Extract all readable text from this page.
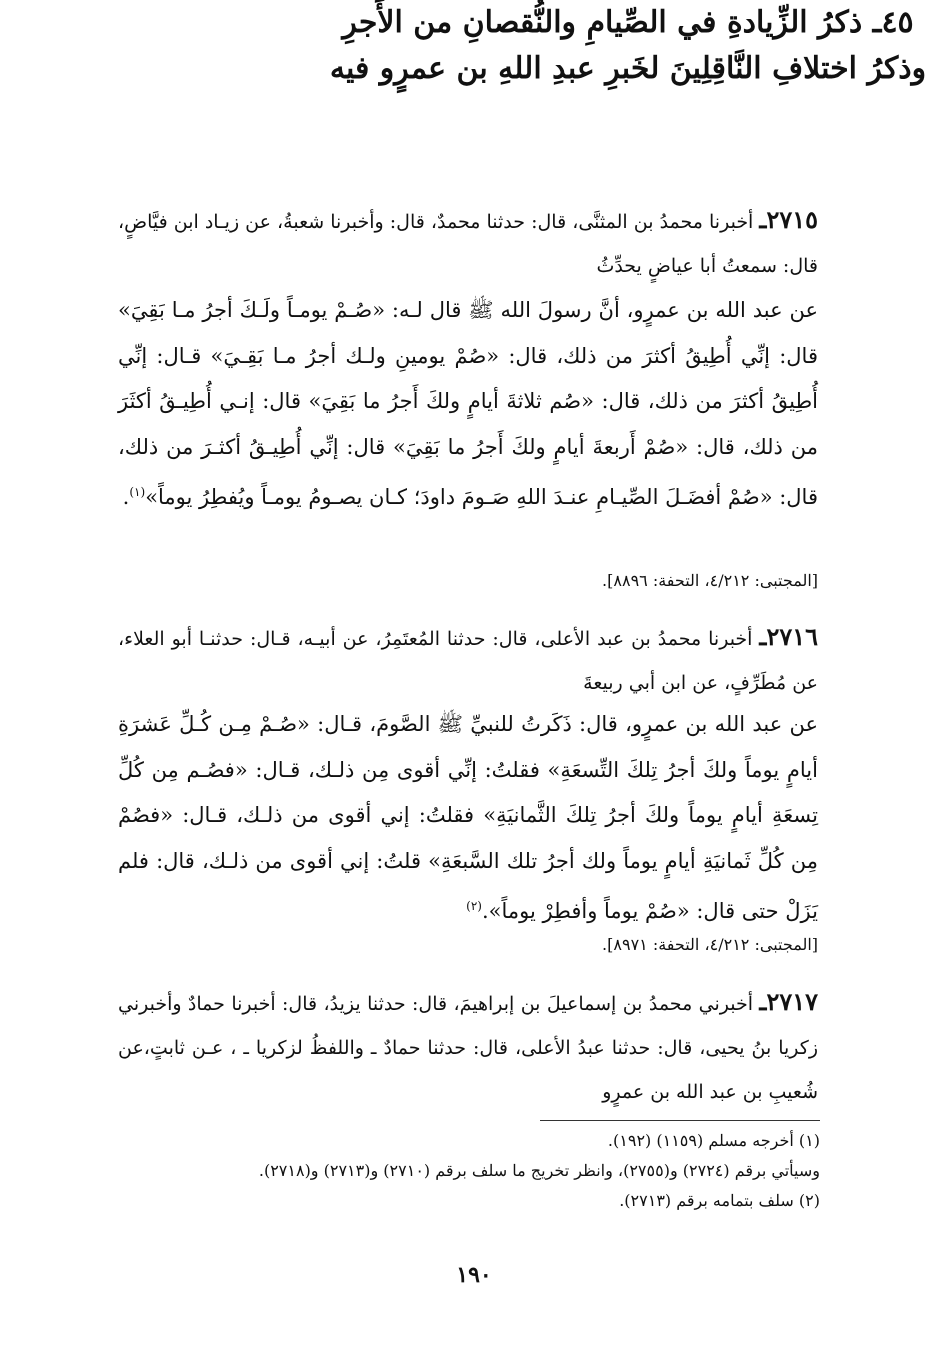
٤٥ـ ذكرُ الزِّيادةِ في الصِّيامِ والنُّقصانِ من الأَجرِ
وذكرُ اختلافِ النَّاقِلِينَ لخَبرِ عبدِ اللهِ بن عمرٍو فيه
٢٧١٥ـ أخبرنا محمدُ بن المثنَّى، قال: حدثنا محمدٌ، قال: وأخبرنا شعبةُ، عن زيـاد ابن فيَّاضٍ، قال: سمعتُ أبا عياضٍ يحدِّثُ
عن عبد الله بن عمرٍو، أنَّ رسولَ الله ﷺ قال لـه: «صُـمْ يومـاً ولَـكَ أجرُ مـا بَقِيَ» قال: إنِّي أُطِيقُ أكثرَ من ذلك، قال: «صُمْ يومينِ ولـك أجرُ مـا بَقِـيَ» قـال: إنِّي أُطِيقُ أكثرَ من ذلك، قال: «صُم ثلاثةَ أيامٍ ولكَ أَجرُ ما بَقِيَ» قال: إنـي أُطِيـقُ أكثَرَ من ذلك، قال: «صُمْ أَربعةَ أيامٍ ولكَ أَجرُ ما بَقِيَ» قال: إنِّي أُطِيـقُ أكثـرَ من ذلك، قال: «صُمْ أفضَـلَ الصِّيـامِ عنـدَ اللهِ صَـومَ داودَ؛ كـان يصـومُ يومـاً ويُفطِرُ يوماً»$^{(١)}$.
[المجتبى: ٤/٢١٢، التحفة: ٨٨٩٦].
٢٧١٦ـ أخبرنا محمدُ بن عبد الأعلى، قال: حدثنا المُعتَمِرُ، عن أبيـه، قـال: حدثنـا أبو العلاء، عن مُطَرِّفٍ، عن ابن أبي ربيعةَ
عن عبد الله بن عمرٍو، قال: ذَكَرتُ للنبيِّ ﷺ الصَّومَ، قـال: «صُـمْ مِـن كُـلِّ عَشرَةِ أيامٍ يوماً ولكَ أجرُ تِلكَ التِّسعَةِ» فقلتُ: إنِّي أقوى مِن ذلـك، قـال: «فصُـم مِن كُلِّ تِسعَةِ أيامٍ يوماً ولكَ أجرُ تِلكَ الثَّمانيَةِ» فقلتُ: إني أقوى من ذلـك، قـال: «فصُمْ مِن كُلِّ ثَمانيَةِ أيامٍ يوماً ولك أجرُ تلك السَّبعَةِ» قلتُ: إني أقوى من ذلـك، قال: فلم يَزَلْ حتى قال: «صُمْ يوماً وأفطِرْ يوماً».$^{(٢)}$
[المجتبى: ٤/٢١٢، التحفة: ٨٩٧١].
٢٧١٧ـ أخبرني محمدُ بن إسماعيلَ بن إبراهيمَ، قال: حدثنا يزيدُ، قال: أخبرنا حمادٌ وأخبرني زكريا بنُ يحيى، قال: حدثنا عبدُ الأعلى، قال: حدثنا حمادٌ ـ واللفظُ لزكريا ـ ، عـن ثابتٍ،عن شُعيبِ بن عبد الله بن عمرٍو
(١) أخرجه مسلم (١١٥٩) (١٩٢).
وسيأتي برقم (٢٧٢٤) و(٢٧٥٥)، وانظر تخريج ما سلف برقم (٢٧١٠) و(٢٧١٣) و(٢٧١٨).
(٢) سلف بتمامه برقم (٢٧١٣).
١٩٠
